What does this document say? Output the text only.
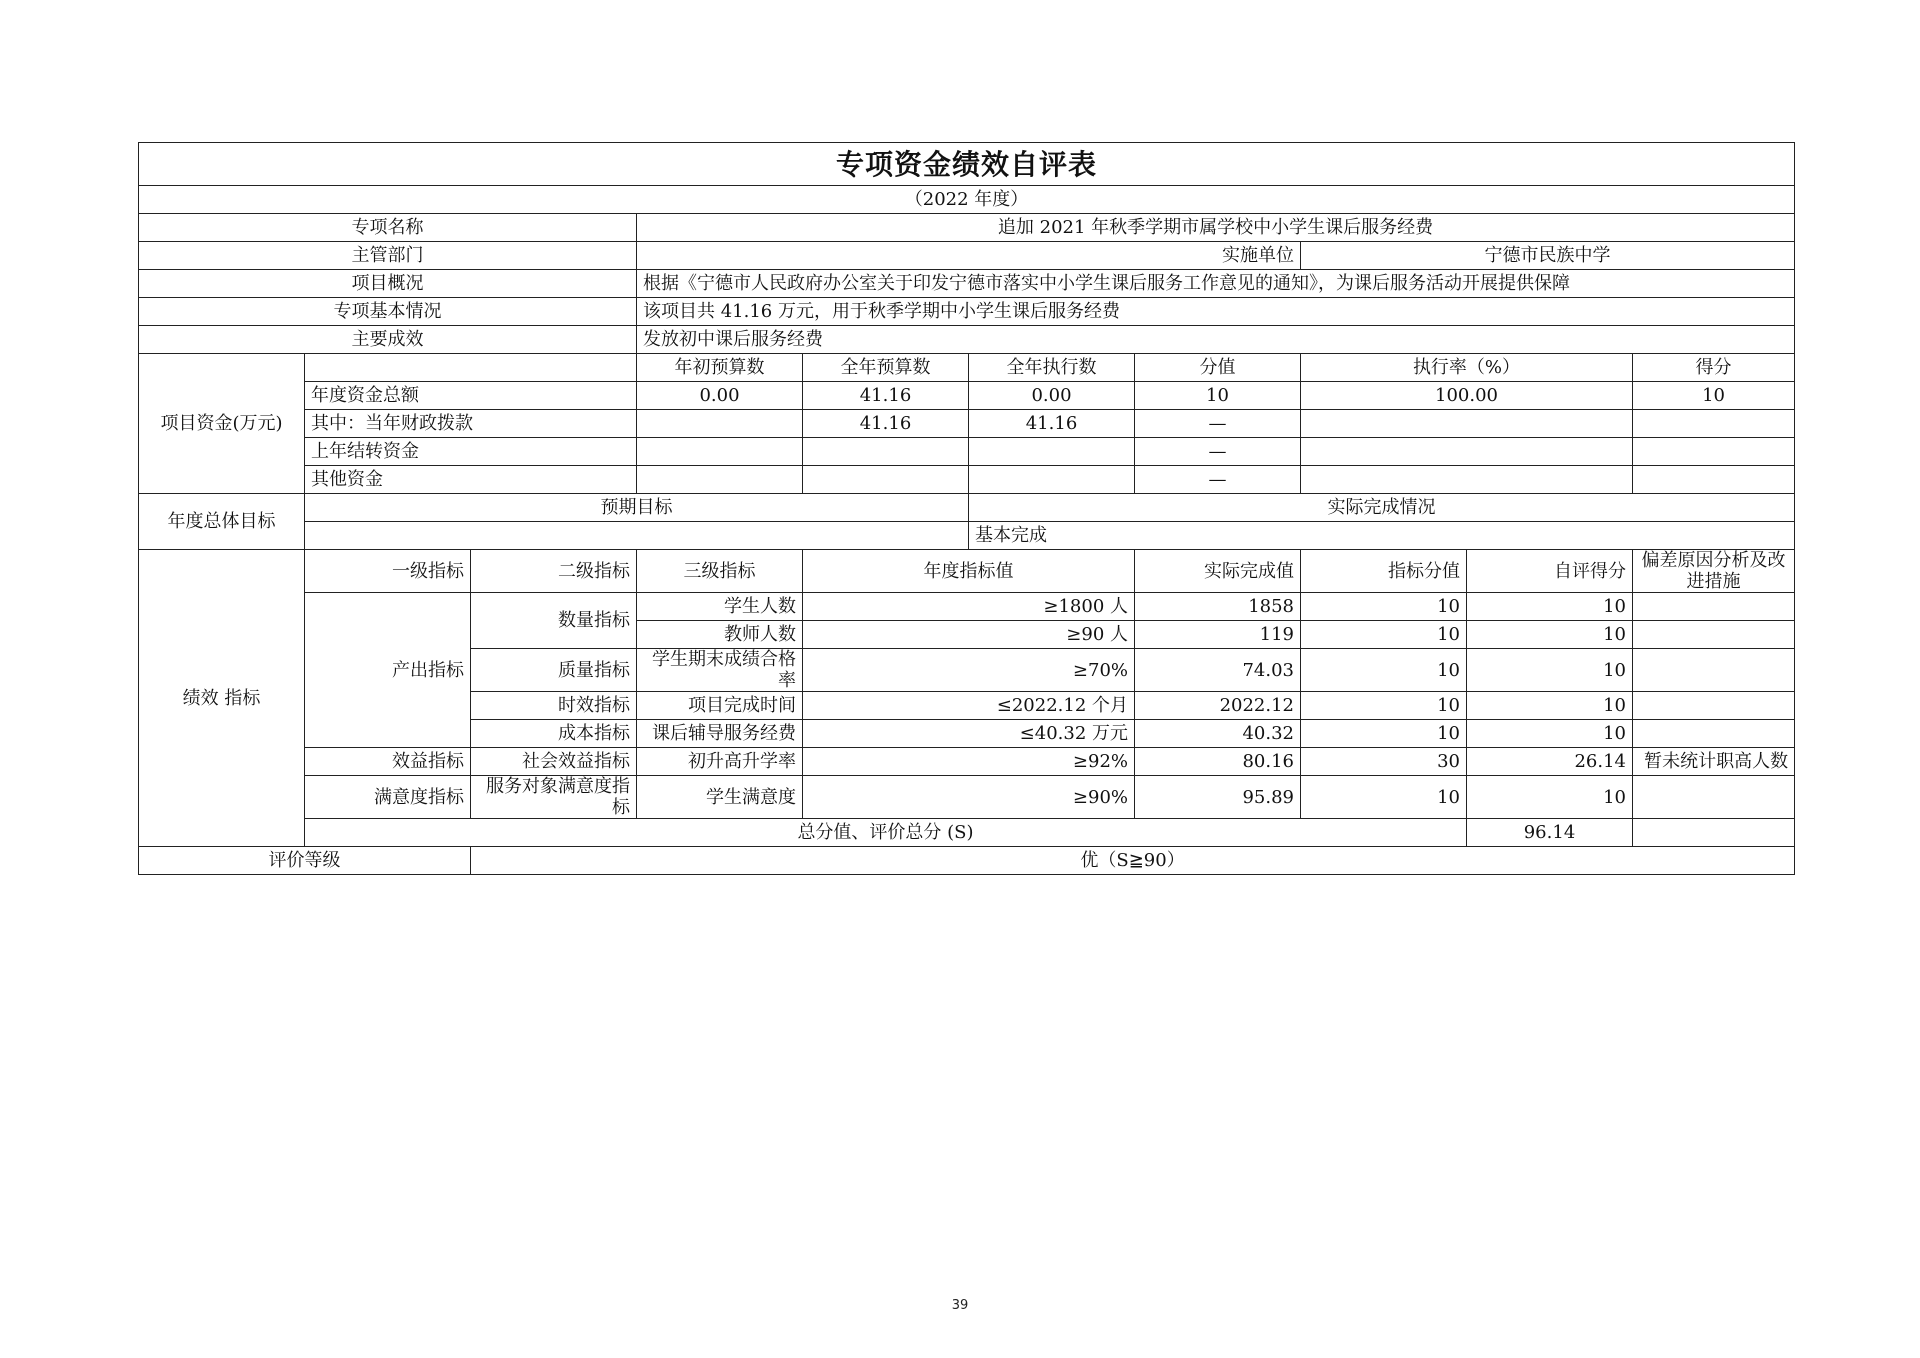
专项资金绩效自评表									
（2022 年度）									
专项名称			追加 2021 年秋季学期市属学校中小学生课后服务经费						
主管部门			实施单位				宁德市民族中学		
项目概况			根据《宁德市人民政府办公室关于印发宁德市落实中小学生课后服务工作意见的通知》，为课后服务活动开展提供保障						
专项基本情况			该项目共 41.16 万元，用于秋季学期中小学生课后服务经费						
主要成效			发放初中课后服务经费						
项目资金(万元)			年初预算数	全年预算数	全年执行数	分值	执行率（%）		得分
	年度资金总额		0.00	41.16	0.00	10	100.00		10
	其中：当年财政拨款			41.16	41.16	—			
	上年结转资金					—			
	其他资金					—			
年度总体目标	预期目标				实际完成情况				
					基本完成				
绩效 指标	一级指标	二级指标	三级指标	年度指标值		实际完成值	指标分值	自评得分	偏差原因分析及改进措施
	产出指标	数量指标	学生人数	≥1800 人		1858	10	10	
			教师人数	≥90 人		119	10	10	
		质量指标	学生期末成绩合格率	≥70%		74.03	10	10	
		时效指标	项目完成时间	≤2022.12 个月		2022.12	10	10	
		成本指标	课后辅导服务经费	≤40.32 万元		40.32	10	10	
	效益指标	社会效益指标	初升高升学率	≥92%		80.16	30	26.14	暂未统计职高人数
	满意度指标	服务对象满意度指标	学生满意度	≥90%		95.89	10	10	
	总分值、评价总分 (S)							96.14	
评价等级		优（S≧90）							
39
